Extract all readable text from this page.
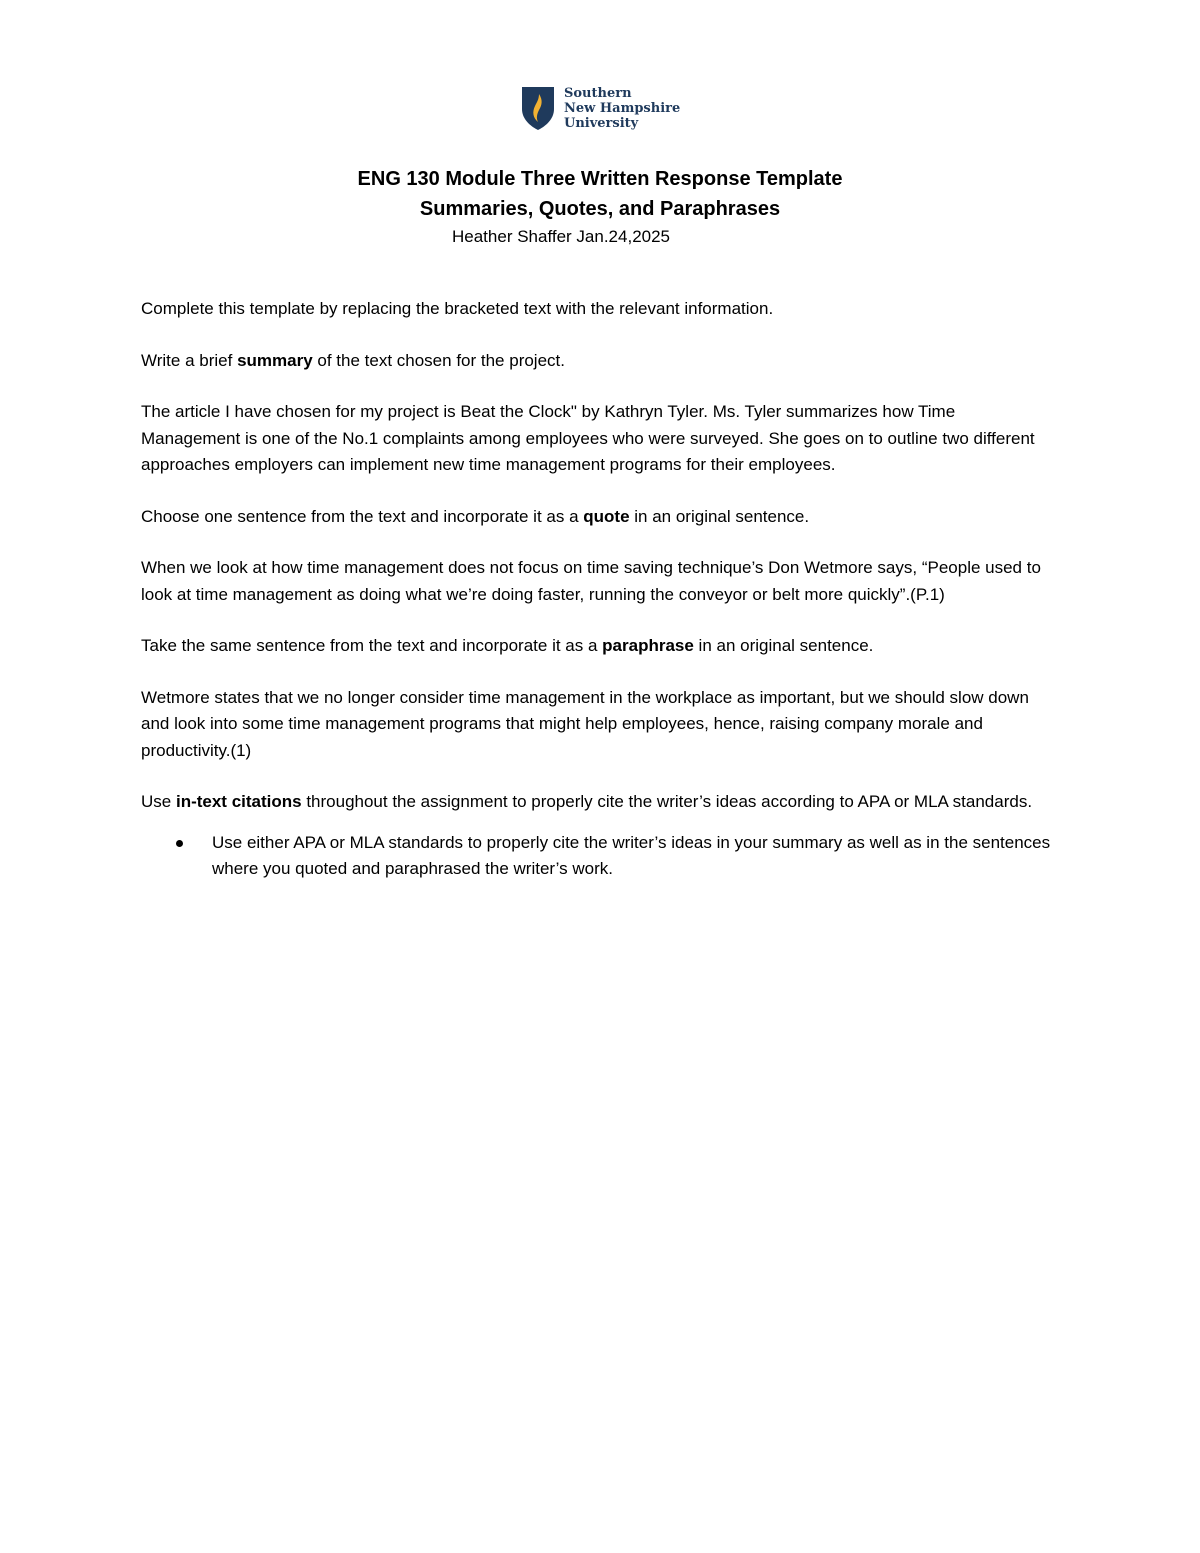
Southern
New Hampshire
University
ENG 130 Module Three Written Response Template
Summaries, Quotes, and Paraphrases
Heather Shaffer Jan.24,2025

Complete this template by replacing the bracketed text with the relevant information.

Write a brief summary of the text chosen for the project.

The article I have chosen for my project is Beat the Clock" by Kathryn Tyler. Ms. Tyler summarizes how Time Management is one of the No.1 complaints among employees who were surveyed. She goes on to outline two different approaches employers can implement new time management programs for their employees.

Choose one sentence from the text and incorporate it as a quote in an original sentence.

When we look at how time management does not focus on time saving technique’s Don Wetmore says, “People used to look at time management as doing what we’re doing faster, running the conveyor or belt more quickly”.(P.1)

Take the same sentence from the text and incorporate it as a paraphrase in an original sentence.

Wetmore states that we no longer consider time management in the workplace as important, but we should slow down and look into some time management programs that might help employees, hence, raising company morale and productivity.(1)

Use in-text citations throughout the assignment to properly cite the writer’s ideas according to APA or MLA standards.

Use either APA or MLA standards to properly cite the writer’s ideas in your summary as well as in the sentences where you quoted and paraphrased the writer’s work.
